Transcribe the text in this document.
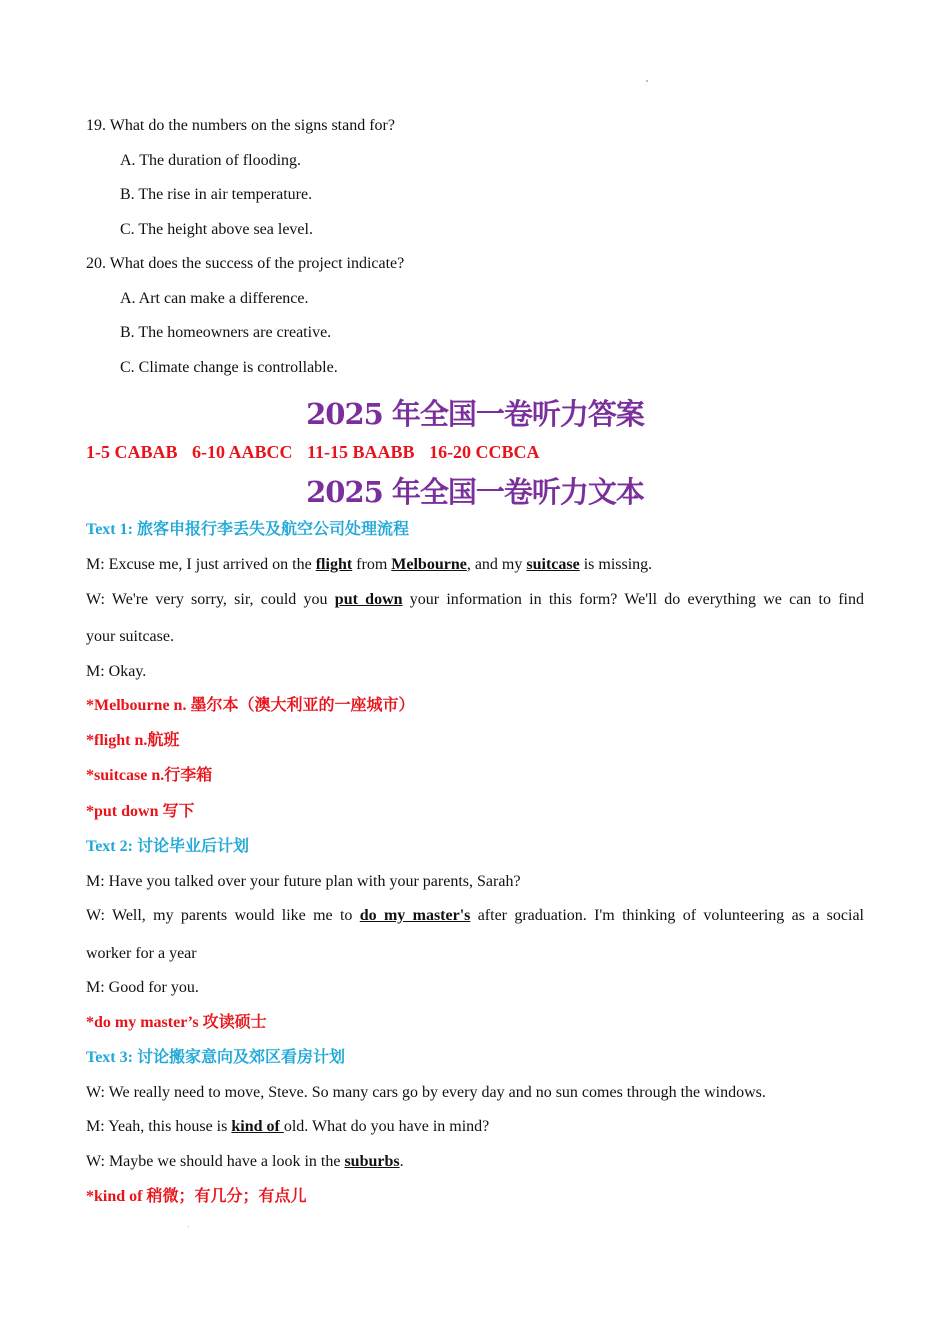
19. What do the numbers on the signs stand for?
A. The duration of flooding.
B. The rise in air temperature.
C. The height above sea level.
20. What does the success of the project indicate?
A. Art can make a difference.
B. The homeowners are creative.
C. Climate change is controllable.
2025 年全国一卷听力答案
1-5 CABAB 6-10 AABCC 11-15 BAABB 16-20 CCBCA
2025 年全国一卷听力文本
Text 1: 旅客申报行李丢失及航空公司处理流程
M: Excuse me, I just arrived on the flight from Melbourne, and my suitcase is missing.
W: We're very sorry, sir, could you put down your information in this form? We'll do everything we can to find
your suitcase.
M: Okay.
*Melbourne n. 墨尔本（澳大利亚的一座城市）
*flight n.航班
*suitcase n.行李箱
*put down 写下
Text 2: 讨论毕业后计划
M: Have you talked over your future plan with your parents, Sarah?
W: Well, my parents would like me to do my master's after graduation. I'm thinking of volunteering as a social
worker for a year
M: Good for you.
*do my master’s 攻读硕士
Text 3: 讨论搬家意向及郊区看房计划
W: We really need to move, Steve. So many cars go by every day and no sun comes through the windows.
M: Yeah, this house is kind of old. What do you have in mind?
W: Maybe we should have a look in the suburbs.
*kind of 稍微；有几分；有点儿
